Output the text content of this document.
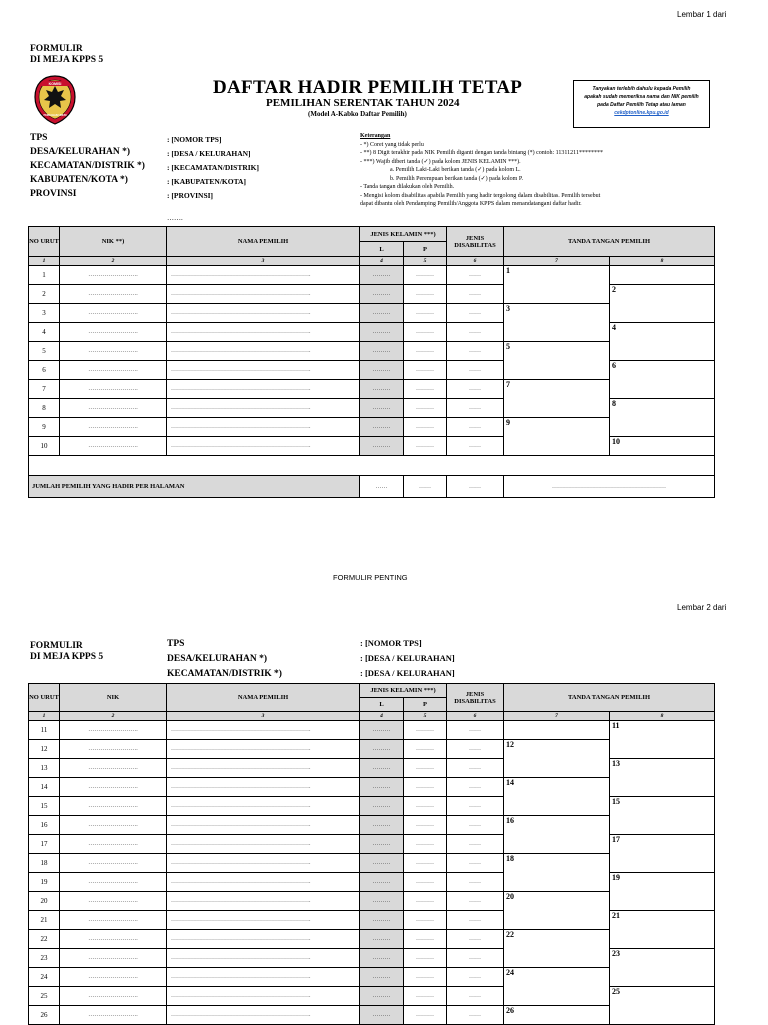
Lembar 1 dari
FORMULIR
DI MEJA KPPS 5
KOMISI
PEMILIHAN UMUM
DAFTAR HADIR PEMILIH TETAP
PEMILIHAN SERENTAK TAHUN 2024
(Model A-Kabko Daftar Pemilih)
Tanyakan terlebih dahulu kepada Pemilih
apakah sudah memeriksa nama dan NIK pemilih
pada Daftar Pemilih Tetap atau laman
cekdptonline.kpu.go.id
TPS	: [NOMOR TPS]
DESA/KELURAHAN *)	: [DESA / KELURAHAN]
KECAMATAN/DISTRIK *)	: [KECAMATAN/DISTRIK]
KABUPATEN/KOTA *)	: [KABUPATEN/KOTA]
PROVINSI	: [PROVINSI]
…….
Keterangan
- *) Coret yang tidak perlu
- **) 8 Digit terakhir pada NIK Pemilih diganti dengan tanda bintang (*) contoh: 11311211********
- ***) Wajib diberi tanda (✓) pada kolom JENIS KELAMIN ***).
a. Pemilih Laki-Laki berikan tanda (✓) pada kolom L.
b. Pemilih Perempuan berikan tanda (✓) pada kolom P.
- Tanda tangan dilakukan oleh Pemilih.
- Mengisi kolom disabilitas apabila Pemilih yang hadir tergolong dalam disabilitas. Pemilih tersebut
dapat dibantu oleh Pendamping Pemilih/Anggota KPPS dalam menandatangani daftar hadir.
NO URUT	NIK **)	NAMA PEMILIH	JENIS KELAMIN ***)		JENIS DISABILITAS	TANDA TANGAN PEMILIH	
			L	P			
1	2	3	4	5	6	7	8
1	…………………….	…………………………………………………………….	………	………	……	1	
2	…………………….	…………………………………………………………….	………	………	……		2
3	…………………….	…………………………………………………………….	………	………	……	3	
4	…………………….	…………………………………………………………….	………	………	……		4
5	…………………….	…………………………………………………………….	………	………	……	5	
6	…………………….	…………………………………………………………….	………	………	……		6
7	…………………….	…………………………………………………………….	………	………	……	7	
8	…………………….	…………………………………………………………….	………	………	……		8
9	…………………….	…………………………………………………………….	………	………	……	9	
10	…………………….	…………………………………………………………….	………	………	……		10

JUMLAH PEMILIH YANG HADIR PER HALAMAN			……	……	……	…………………………………………………	
FORMULIR PENTING
Lembar 2 dari
FORMULIR
DI MEJA KPPS 5
TPS	: [NOMOR TPS]
DESA/KELURAHAN *)	: [DESA / KELURAHAN]
KECAMATAN/DISTRIK *)	: [DESA / KELURAHAN]
NO URUT	NIK	NAMA PEMILIH	JENIS KELAMIN ***)		JENIS DISABILITAS	TANDA TANGAN PEMILIH	
			L	P			
1	2	3	4	5	6	7	8
11	…………………….	…………………………………………………………….	………	………	……		11
12	…………………….	…………………………………………………………….	………	………	……	12	
13	…………………….	…………………………………………………………….	………	………	……		13
14	…………………….	…………………………………………………………….	………	………	……	14	
15	…………………….	…………………………………………………………….	………	………	……		15
16	…………………….	…………………………………………………………….	………	………	……	16	
17	…………………….	…………………………………………………………….	………	………	……		17
18	…………………….	…………………………………………………………….	………	………	……	18	
19	…………………….	…………………………………………………………….	………	………	……		19
20	…………………….	…………………………………………………………….	………	………	……	20	
21	…………………….	…………………………………………………………….	………	………	……		21
22	…………………….	…………………………………………………………….	………	………	……	22	
23	…………………….	…………………………………………………………….	………	………	……		23
24	…………………….	…………………………………………………………….	………	………	……	24	
25	…………………….	…………………………………………………………….	………	………	……		25
26	…………………….	…………………………………………………………….	………	………	……	26	
